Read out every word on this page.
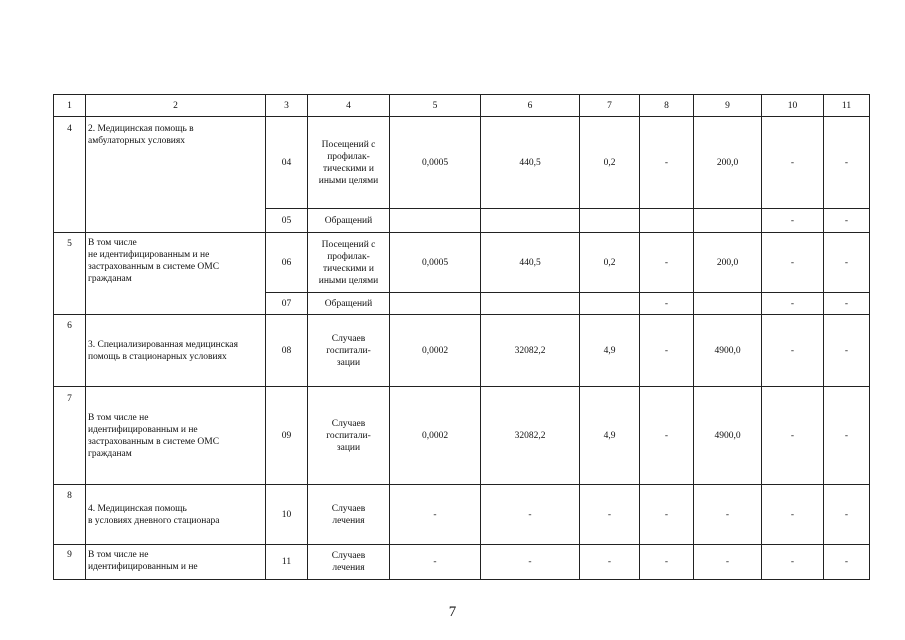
1	2	3	4	5	6	7	8	9	10	11

4	2. Медицинская помощь в
амбулаторных условиях	04	Посещений с
профилак-
тическими и
иными целями	0,0005	440,5	0,2	-	200,0	-	-
		05	Обращений						-	-

5	В том числе
не идентифицированным и не
застрахованным в системе ОМС
гражданам	06	Посещений с
профилак-
тическими и
иными целями	0,0005	440,5	0,2	-	200,0	-	-
		07	Обращений				-		-	-

6	3. Специализированная медицинская
помощь в стационарных условиях	08	Случаев
госпитали-
зации	0,0002	32082,2	4,9	-	4900,0	-	-

7	В том числе не
идентифицированным и не
застрахованным в системе ОМС
гражданам	09	Случаев
госпитали-
зации	0,0002	32082,2	4,9	-	4900,0	-	-

8	4. Медицинская помощь
в условиях дневного стационара	10	Случаев
лечения	-	-	-	-	-	-	-

9	В том числе не
идентифицированным и не	11	Случаев
лечения	-	-	-	-	-	-	-
7
